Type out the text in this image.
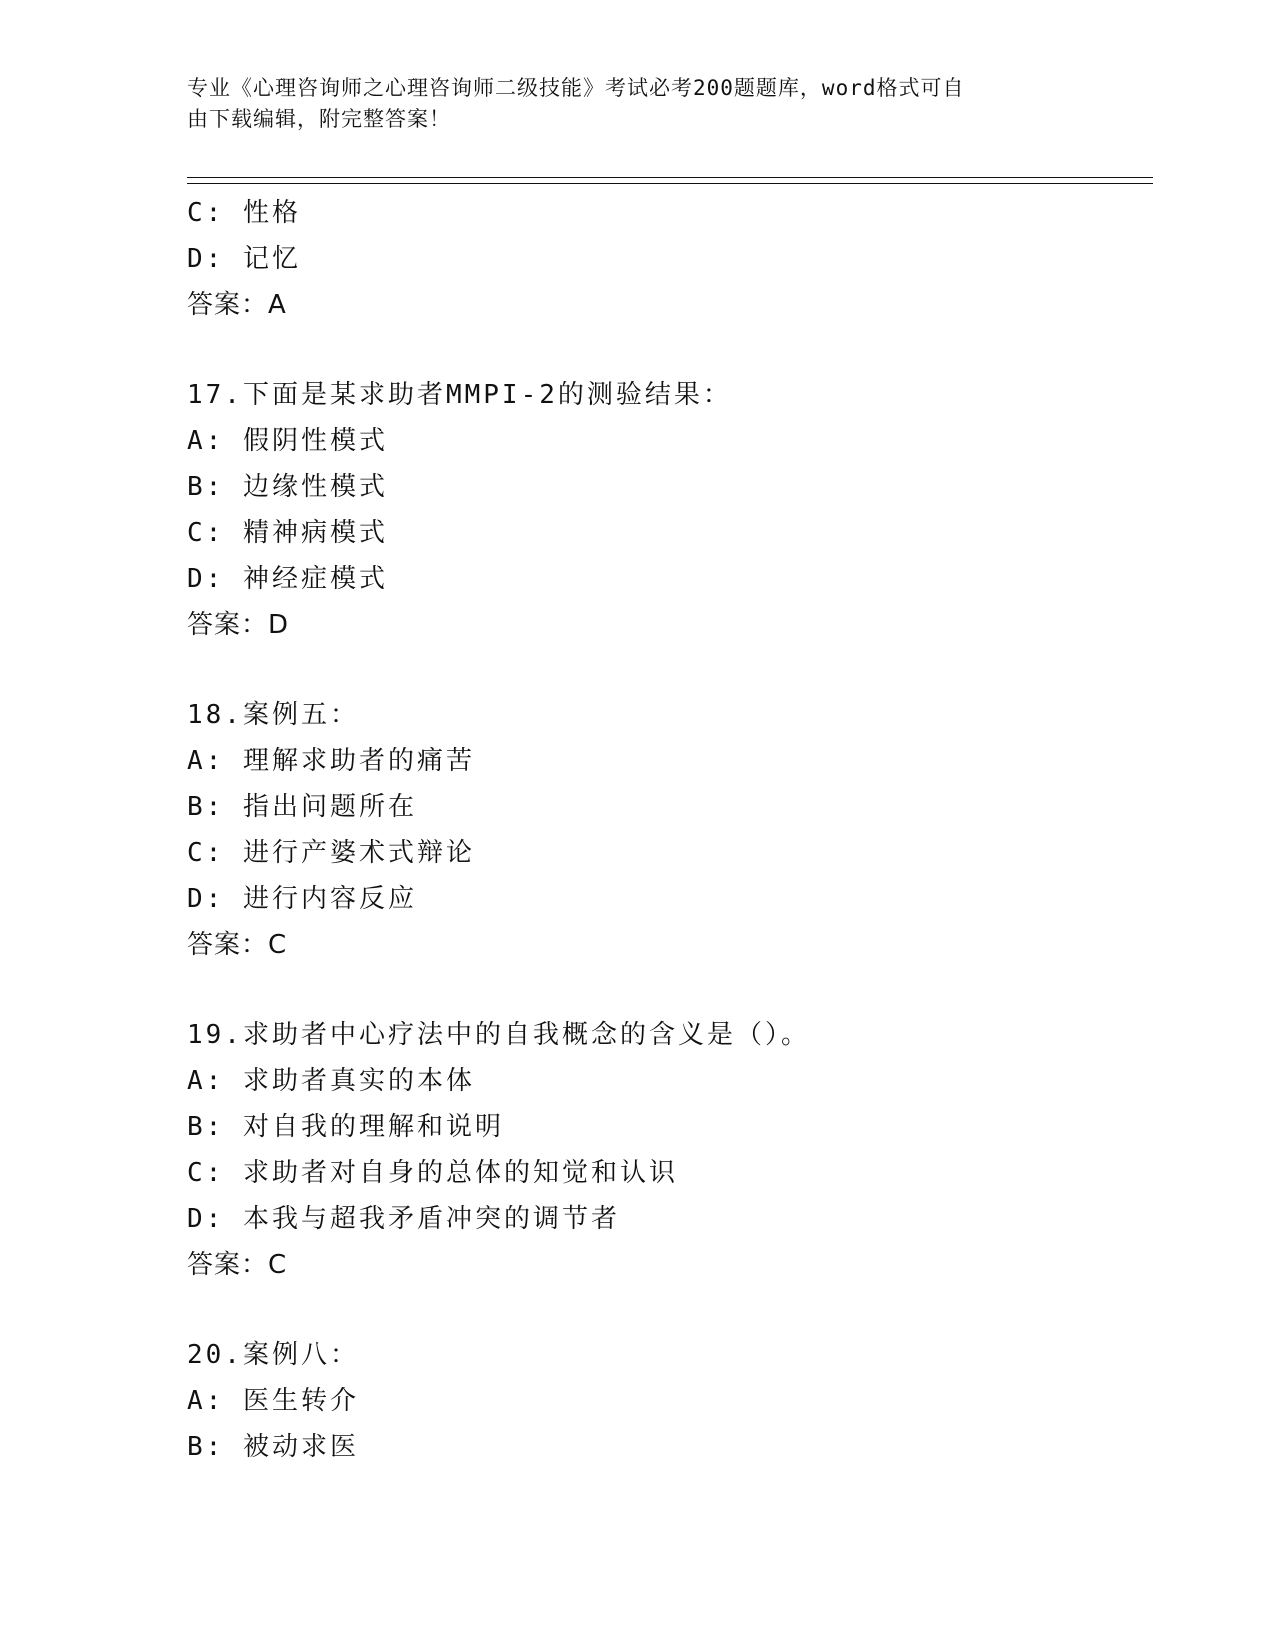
专业《心理咨询师之心理咨询师二级技能》考试必考200题题库，word格式可自
由下载编辑，附完整答案！
C: 性格
D: 记忆
答案：A
17.下面是某求助者MMPI-2的测验结果：
A: 假阴性模式
B: 边缘性模式
C: 精神病模式
D: 神经症模式
答案：D
18.案例五：
A: 理解求助者的痛苦
B: 指出问题所在
C: 进行产婆术式辩论
D: 进行内容反应
答案：C
19.求助者中心疗法中的自我概念的含义是（）。
A: 求助者真实的本体
B: 对自我的理解和说明
C: 求助者对自身的总体的知觉和认识
D: 本我与超我矛盾冲突的调节者
答案：C
20.案例八：
A: 医生转介
B: 被动求医
